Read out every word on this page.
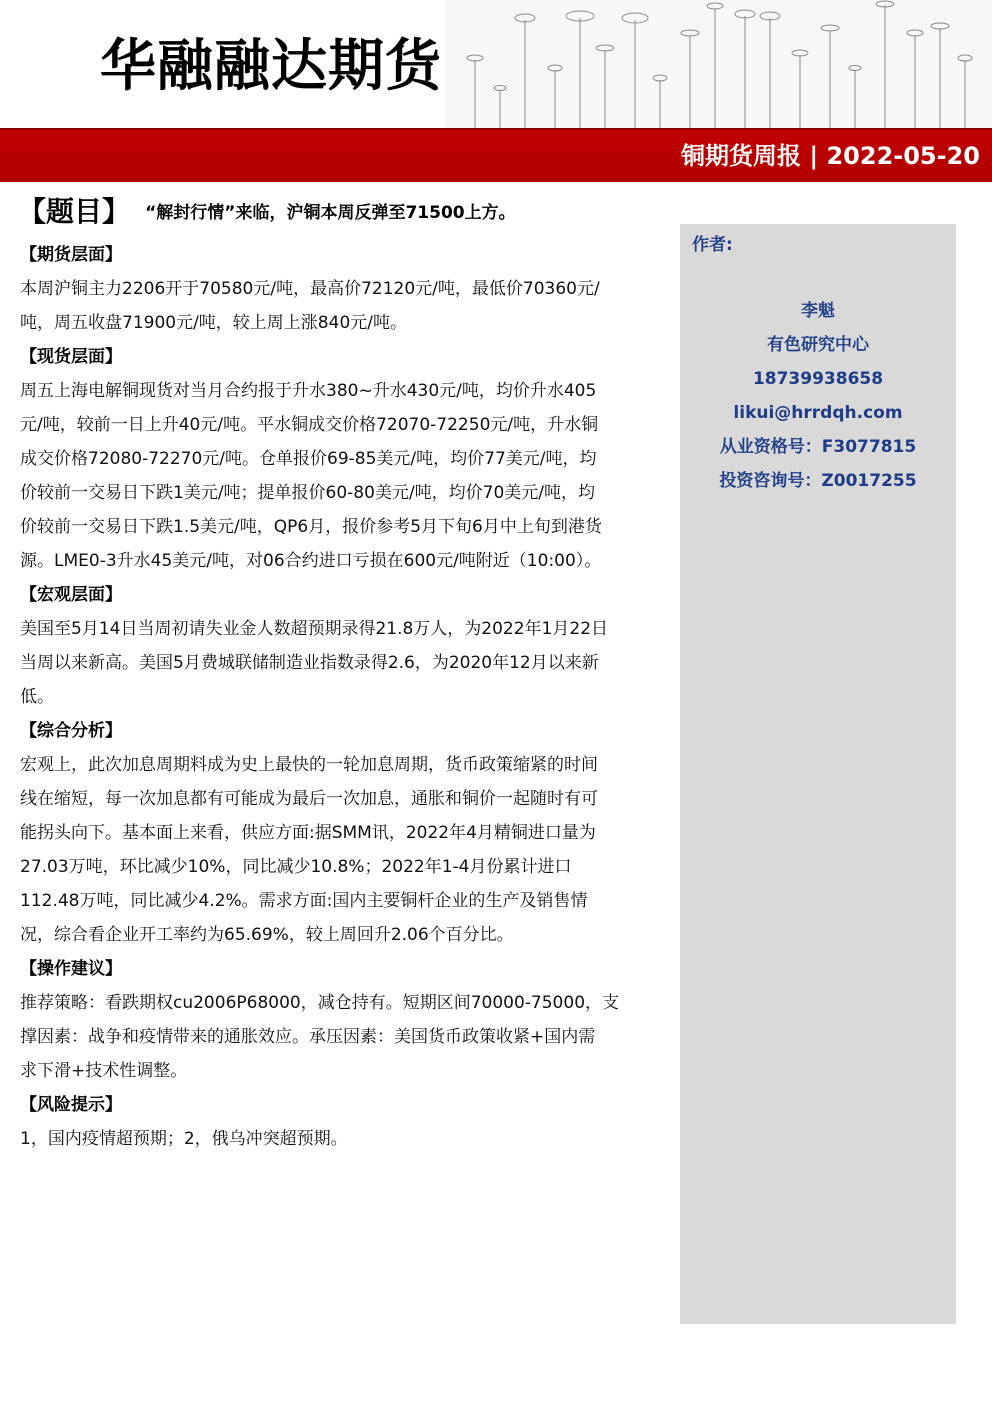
华融融达期货
铜期货周报 | 2022-05-20
【题目】 “解封行情”来临，沪铜本周反弹至71500上方。
作者:
李魁
有色研究中心
18739938658
likui@hrrdqh.com
从业资格号：F3077815
投资咨询号：Z0017255
【期货层面】

本周沪铜主力2206开于70580元/吨，最高价72120元/吨，最低价70360元/

吨，周五收盘71900元/吨，较上周上涨840元/吨。

【现货层面】

周五上海电解铜现货对当月合约报于升水380~升水430元/吨，均价升水405

元/吨，较前一日上升40元/吨。平水铜成交价格72070-72250元/吨，升水铜

成交价格72080-72270元/吨。仓单报价69-85美元/吨，均价77美元/吨，均

价较前一交易日下跌1美元/吨；提单报价60-80美元/吨，均价70美元/吨，均

价较前一交易日下跌1.5美元/吨，QP6月，报价参考5月下旬6月中上旬到港货

源。LME0-3升水45美元/吨，对06合约进口亏损在600元/吨附近（10:00）。

【宏观层面】

美国至5月14日当周初请失业金人数超预期录得21.8万人，为2022年1月22日

当周以来新高。美国5月费城联储制造业指数录得2.6，为2020年12月以来新

低。

【综合分析】

宏观上，此次加息周期料成为史上最快的一轮加息周期，货币政策缩紧的时间

线在缩短，每一次加息都有可能成为最后一次加息，通胀和铜价一起随时有可

能拐头向下。基本面上来看，供应方面:据SMM讯，2022年4月精铜进口量为

27.03万吨，环比减少10%，同比减少10.8%；2022年1-4月份累计进口

112.48万吨，同比减少4.2%。需求方面:国内主要铜杆企业的生产及销售情

况，综合看企业开工率约为65.69%，较上周回升2.06个百分比。

【操作建议】

推荐策略：看跌期权cu2006P68000，减仓持有。短期区间70000-75000，支

撑因素：战争和疫情带来的通胀效应。承压因素：美国货币政策收紧+国内需

求下滑+技术性调整。

【风险提示】

1，国内疫情超预期；2，俄乌冲突超预期。
